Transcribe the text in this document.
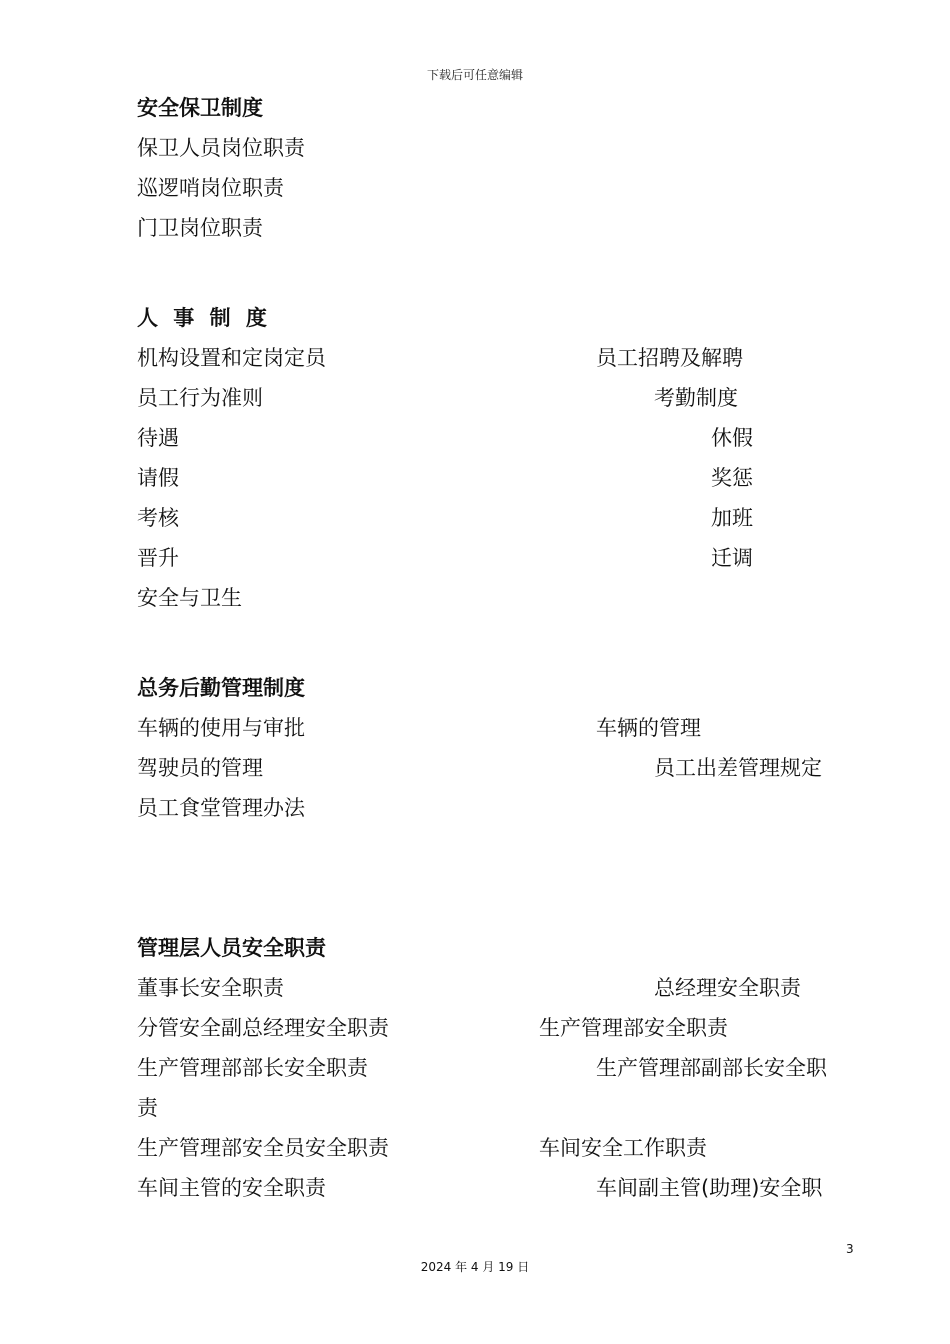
下载后可任意编辑
安全保卫制度
保卫人员岗位职责
巡逻哨岗位职责
门卫岗位职责
人 事 制 度
机构设置和定岗定员	员工招聘及解聘
员工行为准则	考勤制度
待遇	休假
请假	奖惩
考核	加班
晋升	迁调
安全与卫生
总务后勤管理制度
车辆的使用与审批	车辆的管理
驾驶员的管理	员工出差管理规定
员工食堂管理办法
管理层人员安全职责
董事长安全职责	总经理安全职责
分管安全副总经理安全职责	生产管理部安全职责
生产管理部部长安全职责	生产管理部副部长安全职
责
生产管理部安全员安全职责	车间安全工作职责
车间主管的安全职责	车间副主管(助理)安全职
3
2024 年 4 月 19 日
